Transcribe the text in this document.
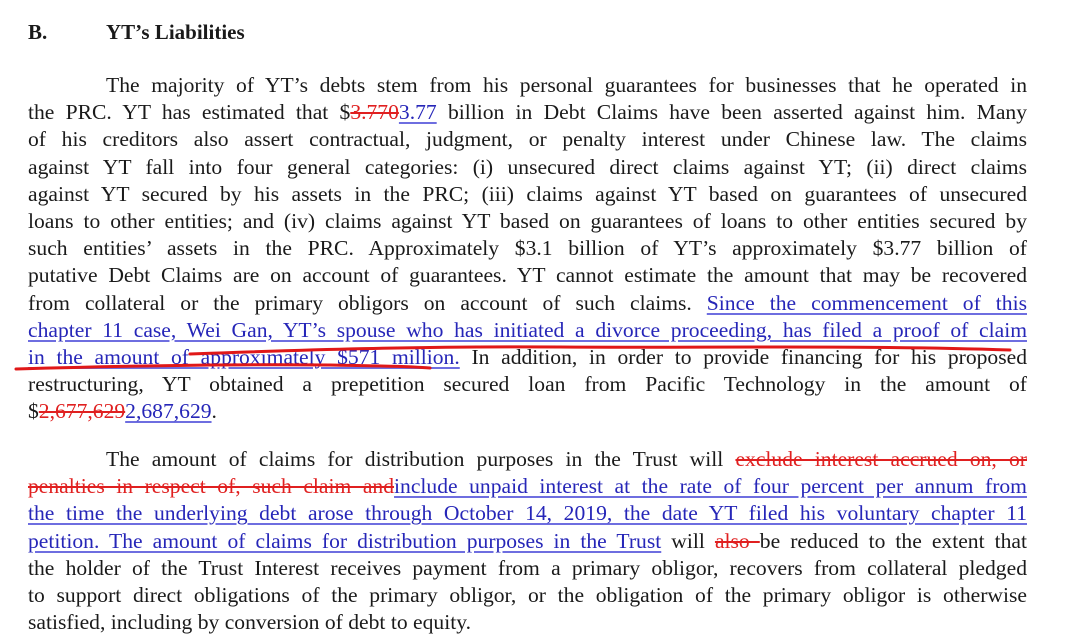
B.	YT’s Liabilities
The majority of YT’s debts stem from his personal guarantees for businesses that he operated in
the PRC. YT has estimated that $3.7703.77 billion in Debt Claims have been asserted against him. Many
of his creditors also assert contractual, judgment, or penalty interest under Chinese law. The claims
against YT fall into four general categories: (i) unsecured direct claims against YT; (ii) direct claims
against YT secured by his assets in the PRC; (iii) claims against YT based on guarantees of unsecured
loans to other entities; and (iv) claims against YT based on guarantees of loans to other entities secured by
such entities’ assets in the PRC. Approximately $3.1 billion of YT’s approximately $3.77 billion of
putative Debt Claims are on account of guarantees. YT cannot estimate the amount that may be recovered
from collateral or the primary obligors on account of such claims. Since the commencement of this
chapter 11 case, Wei Gan, YT’s spouse who has initiated a divorce proceeding, has filed a proof of claim
in the amount of approximately $571 million. In addition, in order to provide financing for his proposed
restructuring, YT obtained a prepetition secured loan from Pacific Technology in the amount of
$2,677,6292,687,629.
The amount of claims for distribution purposes in the Trust will exclude interest accrued on, or
penalties in respect of, such claim andinclude unpaid interest at the rate of four percent per annum from
the time the underlying debt arose through October 14, 2019, the date YT filed his voluntary chapter 11
petition. The amount of claims for distribution purposes in the Trust will also be reduced to the extent that
the holder of the Trust Interest receives payment from a primary obligor, recovers from collateral pledged
to support direct obligations of the primary obligor, or the obligation of the primary obligor is otherwise
satisfied, including by conversion of debt to equity.
